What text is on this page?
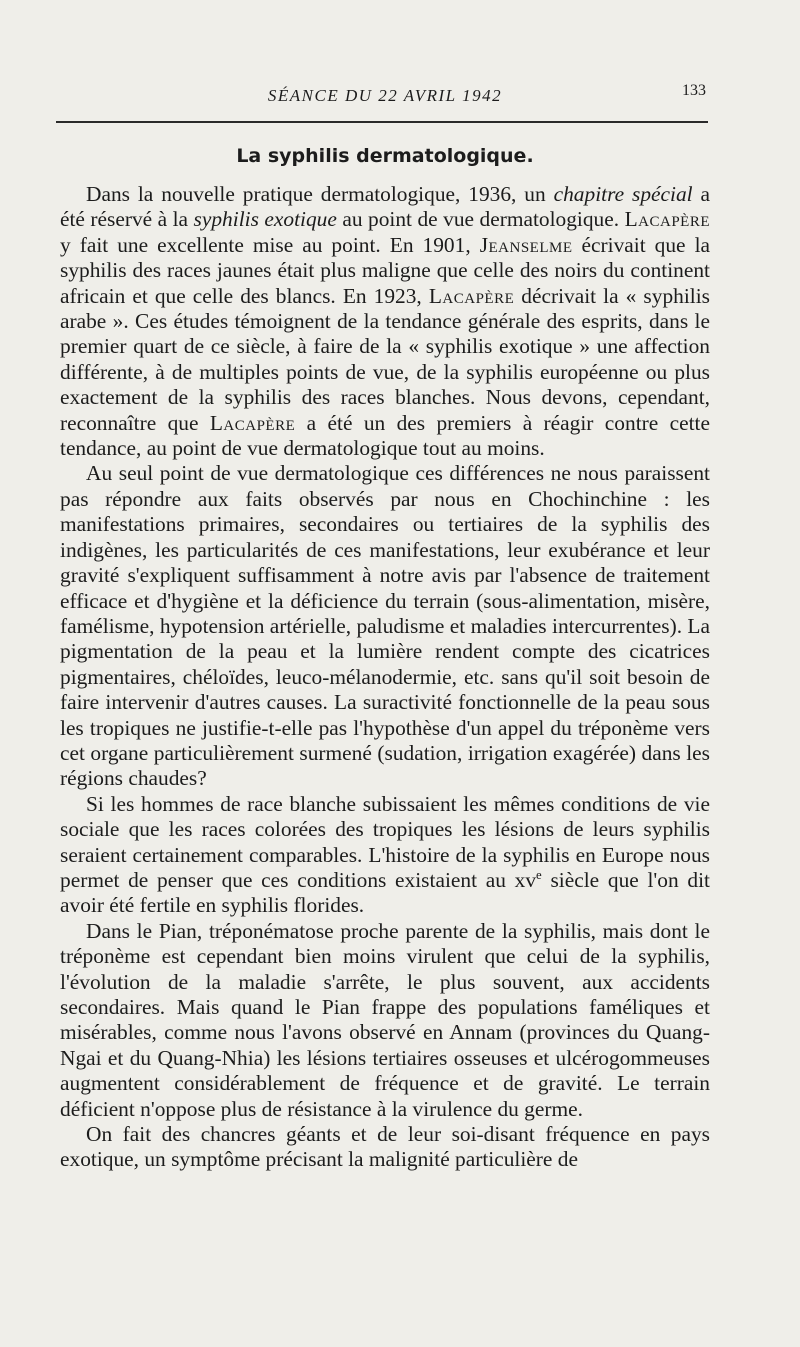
SÉANCE DU 22 AVRIL 1942	133
La syphilis dermatologique.

Dans la nouvelle pratique dermatologique, 1936, un chapitre spécial a été réservé à la syphilis exotique au point de vue dermatologique. Lacapère y fait une excellente mise au point. En 1901, Jeanselme écrivait que la syphilis des races jaunes était plus maligne que celle des noirs du continent africain et que celle des blancs. En 1923, Lacapère décrivait la « syphilis arabe ». Ces études témoignent de la tendance générale des esprits, dans le premier quart de ce siècle, à faire de la « syphilis exotique » une affection différente, à de multiples points de vue, de la syphilis européenne ou plus exactement de la syphilis des races blanches. Nous devons, cependant, reconnaître que Lacapère a été un des premiers à réagir contre cette tendance, au point de vue dermatologique tout au moins.

Au seul point de vue dermatologique ces différences ne nous paraissent pas répondre aux faits observés par nous en Chochinchine : les manifestations primaires, secondaires ou tertiaires de la syphilis des indigènes, les particularités de ces manifestations, leur exubérance et leur gravité s'expliquent suffisamment à notre avis par l'absence de traitement efficace et d'hygiène et la déficience du terrain (sous-alimentation, misère, famélisme, hypotension artérielle, paludisme et maladies intercurrentes). La pigmentation de la peau et la lumière rendent compte des cicatrices pigmentaires, chéloïdes, leuco-mélanodermie, etc. sans qu'il soit besoin de faire intervenir d'autres causes. La suractivité fonctionnelle de la peau sous les tropiques ne justifie-t-elle pas l'hypothèse d'un appel du tréponème vers cet organe particulièrement surmené (sudation, irrigation exagérée) dans les régions chaudes?

Si les hommes de race blanche subissaient les mêmes conditions de vie sociale que les races colorées des tropiques les lésions de leurs syphilis seraient certainement comparables. L'histoire de la syphilis en Europe nous permet de penser que ces conditions existaient au $xv^e$ siècle que l'on dit avoir été fertile en syphilis florides.

Dans le Pian, tréponématose proche parente de la syphilis, mais dont le tréponème est cependant bien moins virulent que celui de la syphilis, l'évolution de la maladie s'arrête, le plus souvent, aux accidents secondaires. Mais quand le Pian frappe des populations faméliques et misérables, comme nous l'avons observé en Annam (provinces du Quang-Ngai et du Quang-Nhia) les lésions tertiaires osseuses et ulcérogommeuses augmentent considérablement de fréquence et de gravité. Le terrain déficient n'oppose plus de résistance à la virulence du germe.

On fait des chancres géants et de leur soi-disant fréquence en pays exotique, un symptôme précisant la malignité particulière de
